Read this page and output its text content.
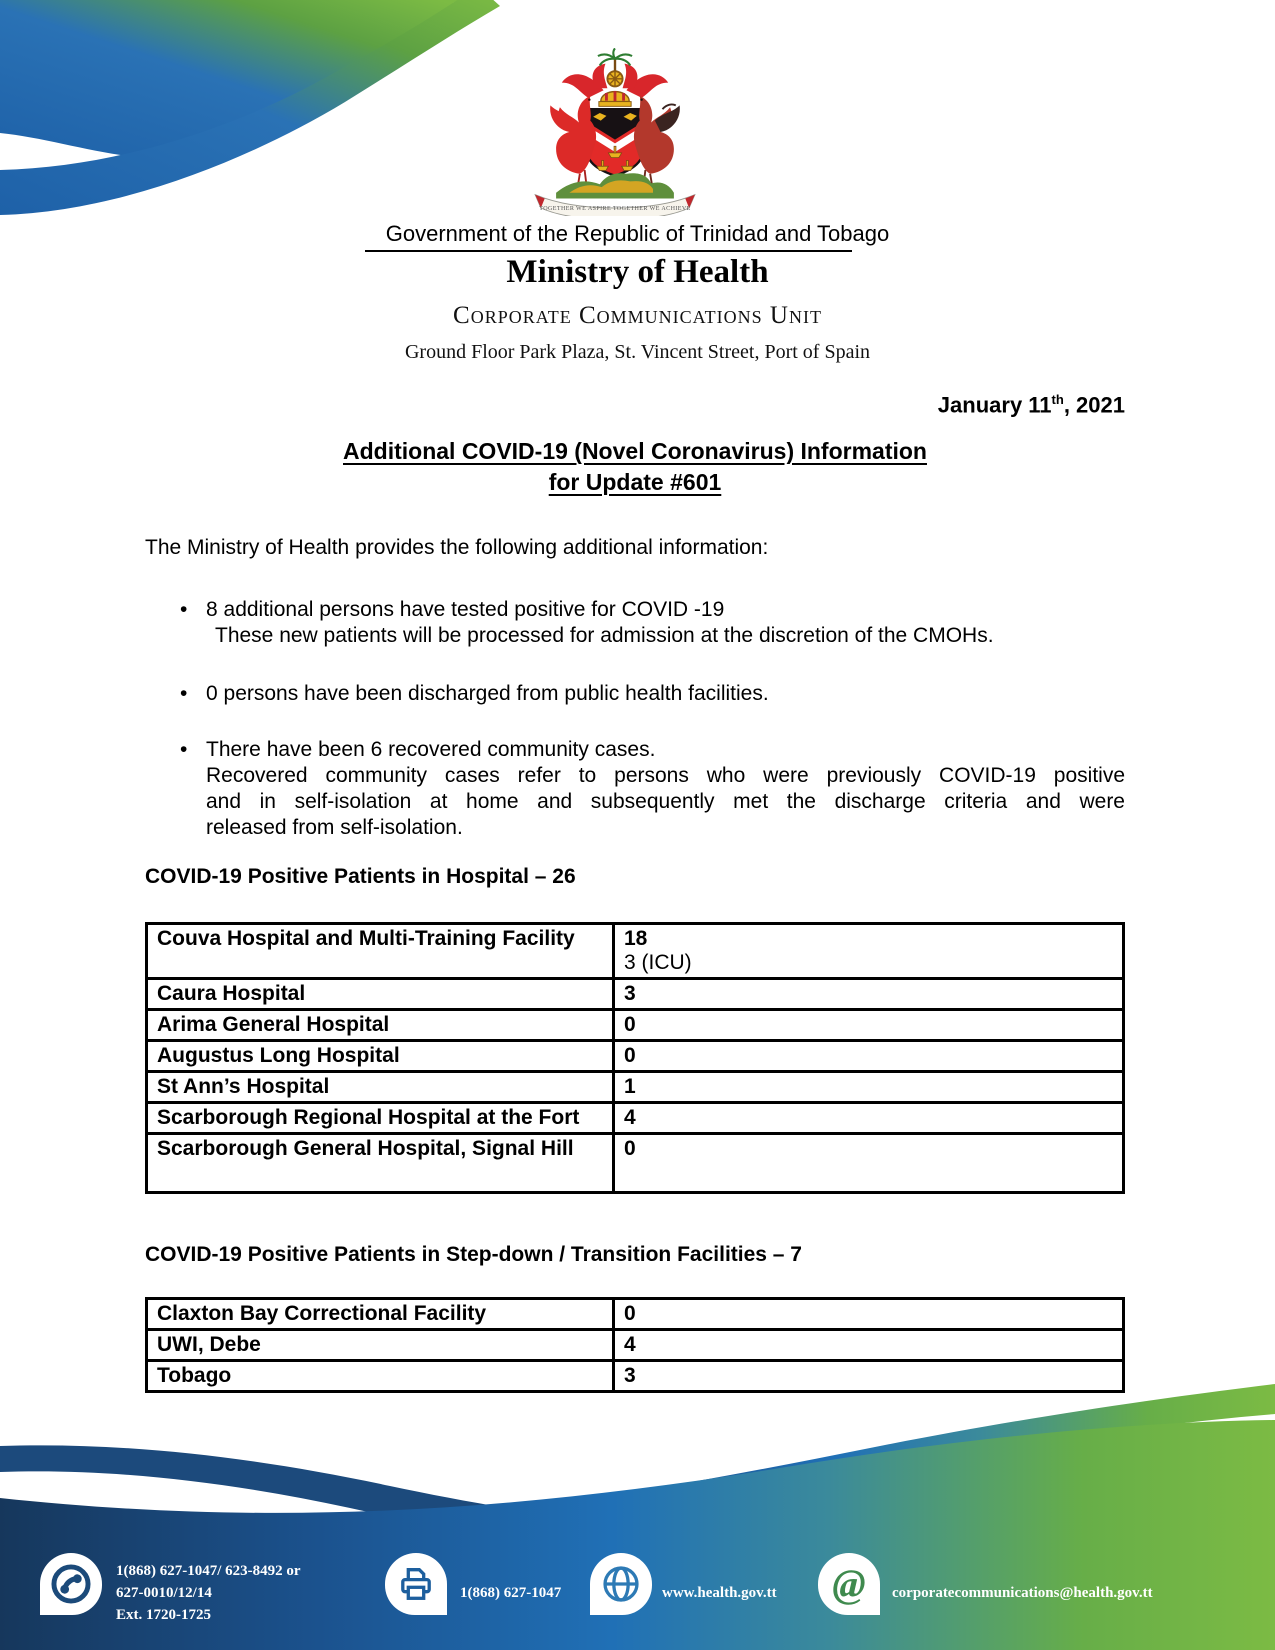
TOGETHER WE ASPIRE TOGETHER WE ACHIEVE
Government of the Republic of Trinidad and Tobago
Ministry of Health
Corporate Communications Unit
Ground Floor Park Plaza, St. Vincent Street, Port of Spain
January 11th, 2021
Additional COVID-19 (Novel Coronavirus) Information
for Update #601
The Ministry of Health provides the following additional information:
• 8 additional persons have tested positive for COVID -19
These new patients will be processed for admission at the discretion of the CMOHs.
• 0 persons have been discharged from public health facilities.
• There have been 6 recovered community cases.
Recovered community cases refer to persons who were previously COVID-19 positive
and in self-isolation at home and subsequently met the discharge criteria and were
released from self-isolation.
COVID-19 Positive Patients in Hospital – 26
Couva Hospital and Multi-Training Facility	18
3 (ICU)

Caura Hospital	3
Arima General Hospital	0
Augustus Long Hospital	0
St Ann’s Hospital	1
Scarborough Regional Hospital at the Fort	4
Scarborough General Hospital, Signal Hill	0
COVID-19 Positive Patients in Step-down / Transition Facilities – 7
Claxton Bay Correctional Facility	0
UWI, Debe	4
Tobago	3
1(868) 627-1047/ 623-8492 or
627-0010/12/14
Ext. 1720-1725
1(868) 627-1047	www.health.gov.tt @ corporatecommunications@health.gov.tt
